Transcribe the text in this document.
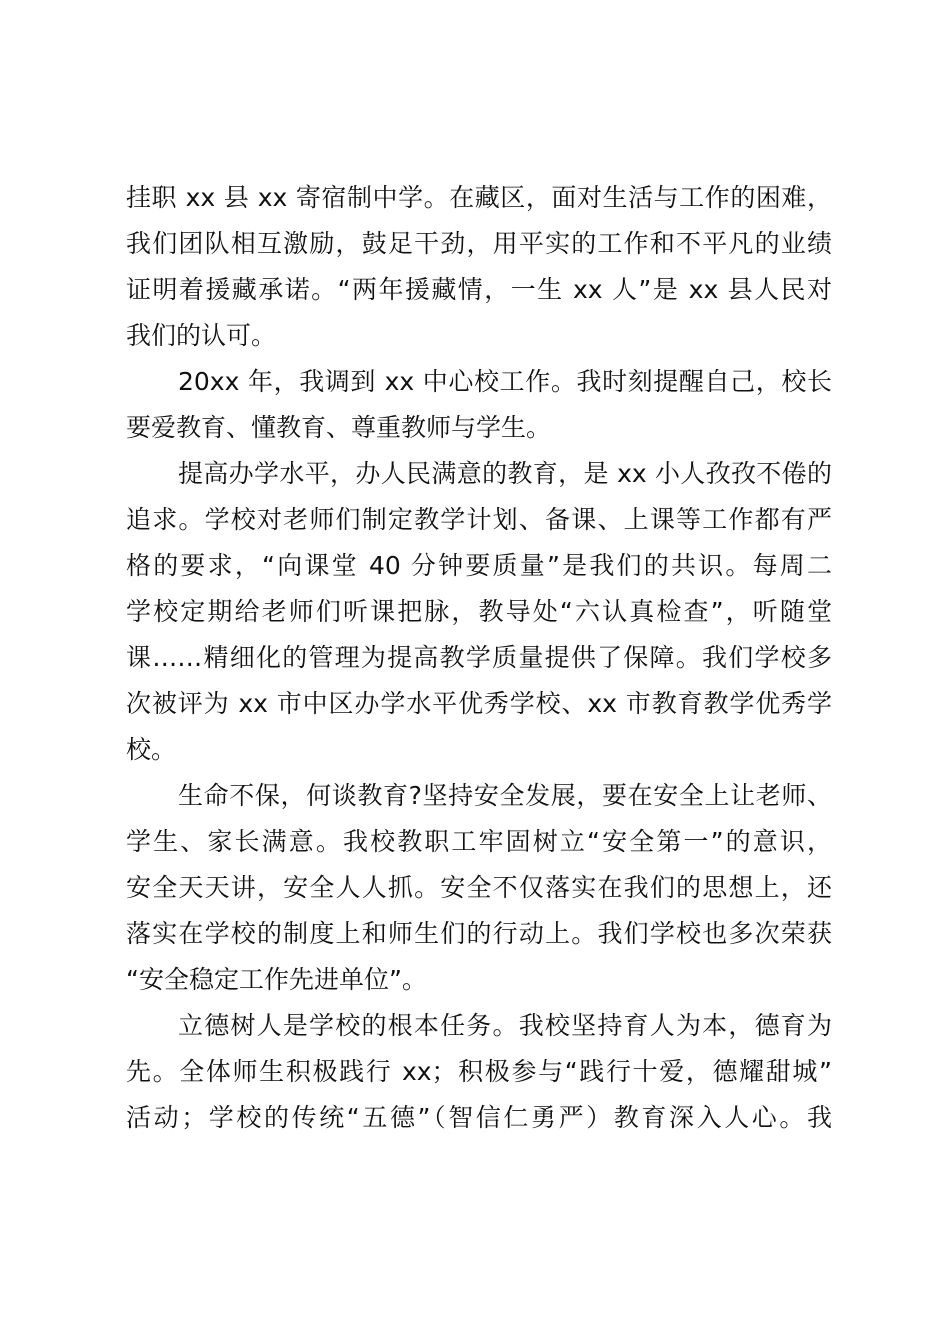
挂职 xx 县 xx 寄宿制中学。在藏区，面对生活与工作的困难，
我们团队相互激励，鼓足干劲，用平实的工作和不平凡的业绩
证明着援藏承诺。“两年援藏情，一生 xx 人”是 xx 县人民对
我们的认可。
20xx 年，我调到 xx 中心校工作。我时刻提醒自己，校长
要爱教育、懂教育、尊重教师与学生。
提高办学水平，办人民满意的教育，是 xx 小人孜孜不倦的
追求。学校对老师们制定教学计划、备课、上课等工作都有严
格的要求，“向课堂 40 分钟要质量”是我们的共识。每周二
学校定期给老师们听课把脉，教导处“六认真检查”，听随堂
课……精细化的管理为提高教学质量提供了保障。我们学校多
次被评为 xx 市中区办学水平优秀学校、xx 市教育教学优秀学
校。
生命不保，何谈教育?坚持安全发展，要在安全上让老师、
学生、家长满意。我校教职工牢固树立“安全第一”的意识，
安全天天讲，安全人人抓。安全不仅落实在我们的思想上，还
落实在学校的制度上和师生们的行动上。我们学校也多次荣获
“安全稳定工作先进单位”。
立德树人是学校的根本任务。我校坚持育人为本，德育为
先。全体师生积极践行 xx；积极参与“践行十爱，德耀甜城”
活动；学校的传统“五德”（智信仁勇严）教育深入人心。我
